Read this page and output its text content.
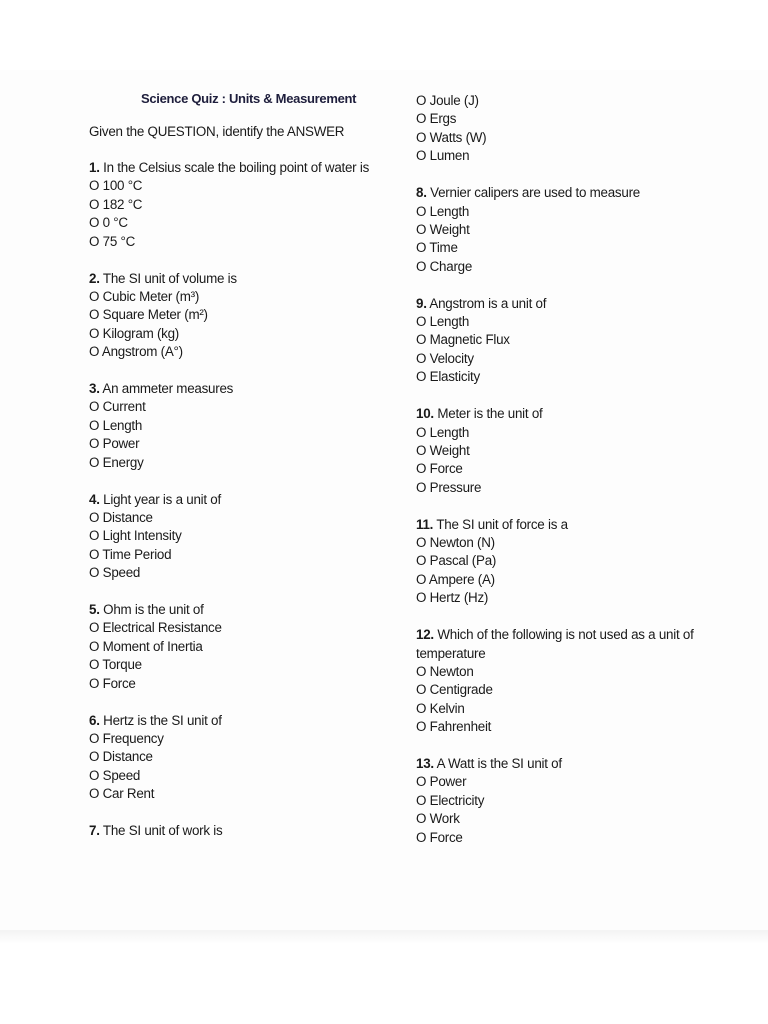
Science Quiz : Units & Measurement
Given the QUESTION, identify the ANSWER
1. In the Celsius scale the boiling point of water is
O 100 °C
O 182 °C
O 0 °C
O 75 °C
2. The SI unit of volume is
O Cubic Meter (m³)
O Square Meter (m²)
O Kilogram (kg)
O Angstrom (A°)
3. An ammeter measures
O Current
O Length
O Power
O Energy
4. Light year is a unit of
O Distance
O Light Intensity
O Time Period
O Speed
5. Ohm is the unit of
O Electrical Resistance
O Moment of Inertia
O Torque
O Force
6. Hertz is the SI unit of
O Frequency
O Distance
O Speed
O Car Rent
7. The SI unit of work is
O Joule (J)
O Ergs
O Watts (W)
O Lumen
8. Vernier calipers are used to measure
O Length
O Weight
O Time
O Charge
9. Angstrom is a unit of
O Length
O Magnetic Flux
O Velocity
O Elasticity
10. Meter is the unit of
O Length
O Weight
O Force
O Pressure
11. The SI unit of force is a
O Newton (N)
O Pascal (Pa)
O Ampere (A)
O Hertz (Hz)
12. Which of the following is not used as a unit of
temperature
O Newton
O Centigrade
O Kelvin
O Fahrenheit
13. A Watt is the SI unit of
O Power
O Electricity
O Work
O Force
